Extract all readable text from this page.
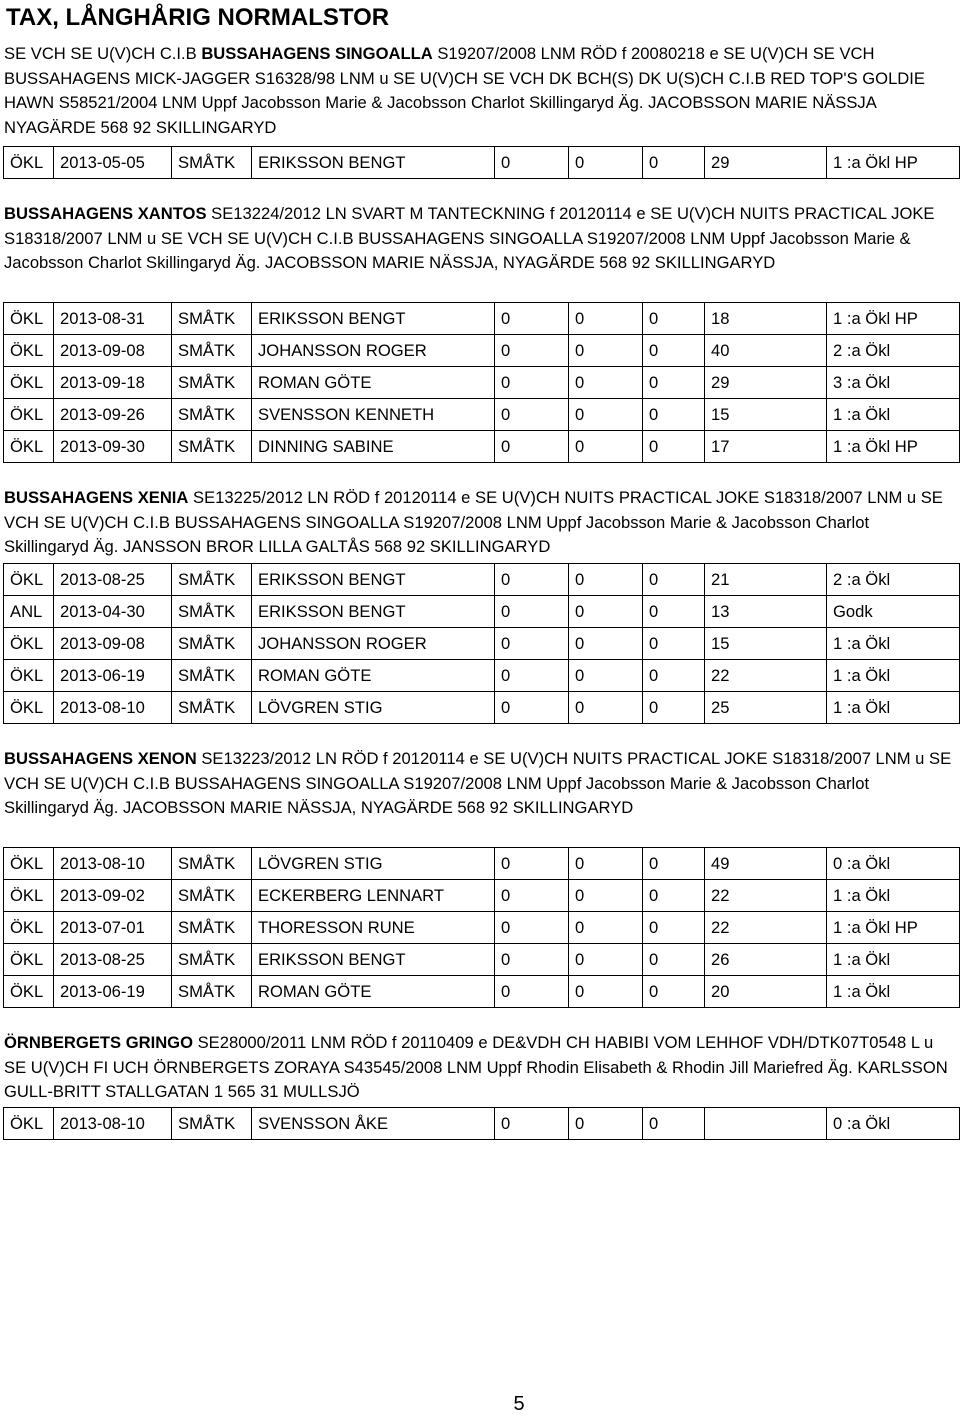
TAX, LÅNGHÅRIG NORMALSTOR

SE VCH SE U(V)CH C.I.B BUSSAHAGENS SINGOALLA S19207/2008 LNM RÖD f 20080218 e SE U(V)CH SE VCH BUSSAHAGENS MICK-JAGGER S16328/98 LNM u SE U(V)CH SE VCH DK BCH(S) DK U(S)CH C.I.B RED TOP'S GOLDIE HAWN S58521/2004 LNM Uppf Jacobsson Marie & Jacobsson Charlot Skillingaryd Äg. JACOBSSON MARIE NÄSSJA NYAGÄRDE 568 92 SKILLINGARYD

ÖKL	2013-05-05	SMÅTK	ERIKSSON BENGT	0	0	0	29	1 :a Ökl HP

BUSSAHAGENS XANTOS SE13224/2012 LN SVART M TANTECKNING f 20120114 e SE U(V)CH NUITS PRACTICAL JOKE S18318/2007 LNM u SE VCH SE U(V)CH C.I.B BUSSAHAGENS SINGOALLA S19207/2008 LNM Uppf Jacobsson Marie & Jacobsson Charlot Skillingaryd Äg. JACOBSSON MARIE NÄSSJA, NYAGÄRDE 568 92 SKILLINGARYD

ÖKL	2013-08-31	SMÅTK	ERIKSSON BENGT	0	0	0	18	1 :a Ökl HP
ÖKL	2013-09-08	SMÅTK	JOHANSSON ROGER	0	0	0	40	2 :a Ökl
ÖKL	2013-09-18	SMÅTK	ROMAN GÖTE	0	0	0	29	3 :a Ökl
ÖKL	2013-09-26	SMÅTK	SVENSSON KENNETH	0	0	0	15	1 :a Ökl
ÖKL	2013-09-30	SMÅTK	DINNING SABINE	0	0	0	17	1 :a Ökl HP

BUSSAHAGENS XENIA SE13225/2012 LN RÖD f 20120114 e SE U(V)CH NUITS PRACTICAL JOKE S18318/2007 LNM u SE VCH SE U(V)CH C.I.B BUSSAHAGENS SINGOALLA S19207/2008 LNM Uppf Jacobsson Marie & Jacobsson Charlot Skillingaryd Äg. JANSSON BROR LILLA GALTÅS 568 92 SKILLINGARYD

ÖKL	2013-08-25	SMÅTK	ERIKSSON BENGT	0	0	0	21	2 :a Ökl
ANL	2013-04-30	SMÅTK	ERIKSSON BENGT	0	0	0	13	Godk
ÖKL	2013-09-08	SMÅTK	JOHANSSON ROGER	0	0	0	15	1 :a Ökl
ÖKL	2013-06-19	SMÅTK	ROMAN GÖTE	0	0	0	22	1 :a Ökl
ÖKL	2013-08-10	SMÅTK	LÖVGREN STIG	0	0	0	25	1 :a Ökl

BUSSAHAGENS XENON SE13223/2012 LN RÖD f 20120114 e SE U(V)CH NUITS PRACTICAL JOKE S18318/2007 LNM u SE VCH SE U(V)CH C.I.B BUSSAHAGENS SINGOALLA S19207/2008 LNM Uppf Jacobsson Marie & Jacobsson Charlot Skillingaryd Äg. JACOBSSON MARIE NÄSSJA, NYAGÄRDE 568 92 SKILLINGARYD

ÖKL	2013-08-10	SMÅTK	LÖVGREN STIG	0	0	0	49	0 :a Ökl
ÖKL	2013-09-02	SMÅTK	ECKERBERG LENNART	0	0	0	22	1 :a Ökl
ÖKL	2013-07-01	SMÅTK	THORESSON RUNE	0	0	0	22	1 :a Ökl HP
ÖKL	2013-08-25	SMÅTK	ERIKSSON BENGT	0	0	0	26	1 :a Ökl
ÖKL	2013-06-19	SMÅTK	ROMAN GÖTE	0	0	0	20	1 :a Ökl

ÖRNBERGETS GRINGO SE28000/2011 LNM RÖD f 20110409 e DE&VDH CH HABIBI VOM LEHHOF VDH/DTK07T0548 L u SE U(V)CH FI UCH ÖRNBERGETS ZORAYA S43545/2008 LNM Uppf Rhodin Elisabeth & Rhodin Jill Mariefred Äg. KARLSSON GULL-BRITT STALLGATAN 1 565 31 MULLSJÖ

ÖKL	2013-08-10	SMÅTK	SVENSSON ÅKE	0	0	0		0 :a Ökl

5
